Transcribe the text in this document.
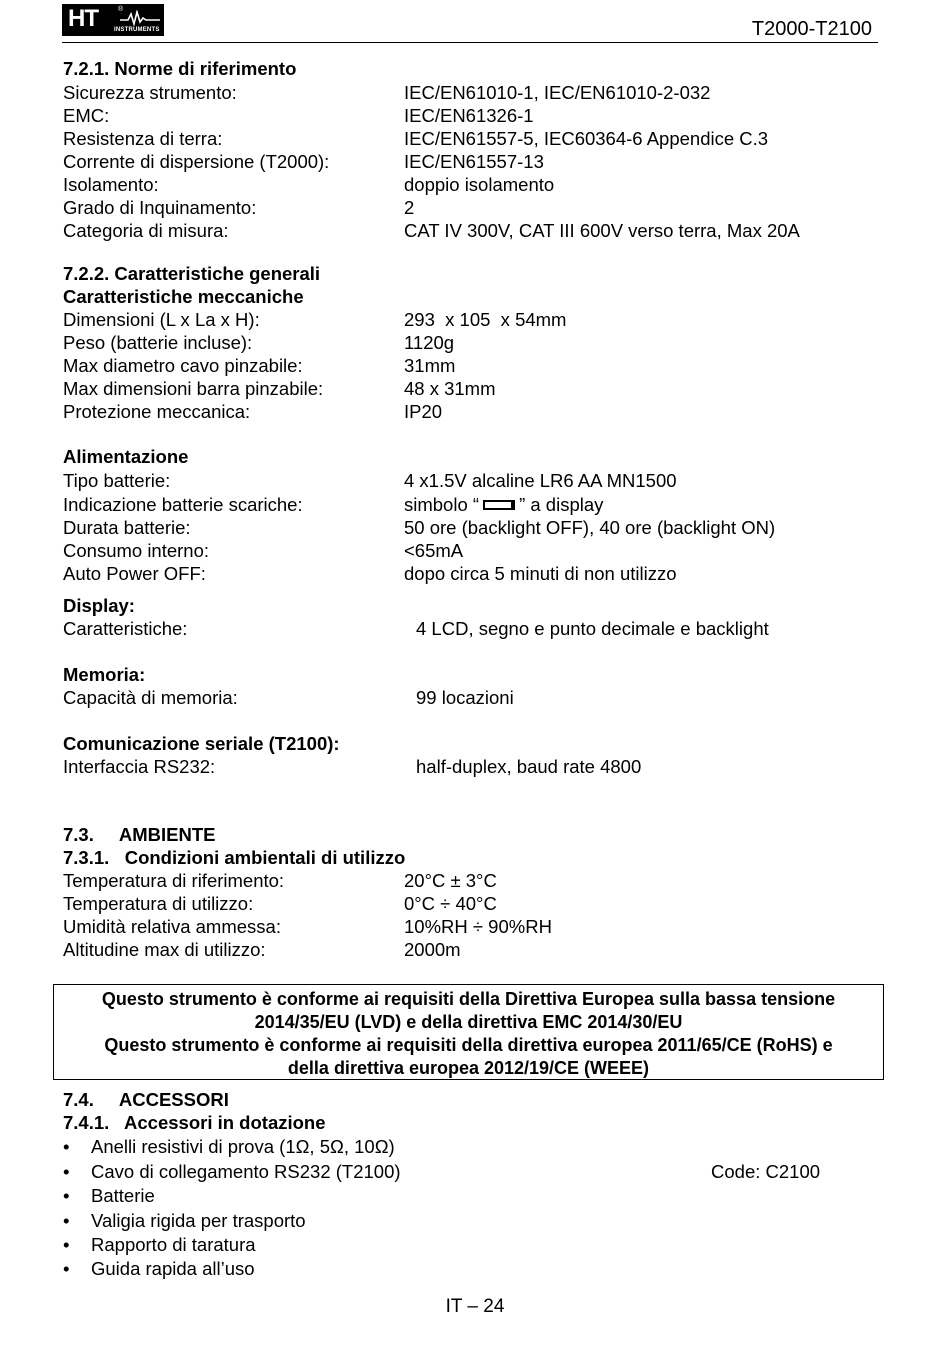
HT	®
INSTRUMENTS	T2000-T2100
7.2.1. Norme di riferimento
Sicurezza strumento:	IEC/EN61010-1, IEC/EN61010-2-032
EMC:	IEC/EN61326-1
Resistenza di terra:	IEC/EN61557-5, IEC60364-6 Appendice C.3
Corrente di dispersione (T2000):	IEC/EN61557-13
Isolamento:	doppio isolamento
Grado di Inquinamento:	2
Categoria di misura:	CAT IV 300V, CAT III 600V verso terra, Max 20A
7.2.2. Caratteristiche generali
Caratteristiche meccaniche
Dimensioni (L x La x H):	293  x 105  x 54mm
Peso (batterie incluse):	1120g
Max diametro cavo pinzabile:	31mm
Max dimensioni barra pinzabile:	48 x 31mm
Protezione meccanica:	IP20
Alimentazione
Tipo batterie:	4 x1.5V alcaline LR6 AA MN1500
Indicazione batterie scariche:	simbolo “ ” a display
Durata batterie:	50 ore (backlight OFF), 40 ore (backlight ON)
Consumo interno:	<65mA
Auto Power OFF:	dopo circa 5 minuti di non utilizzo
Display:
Caratteristiche:	4 LCD, segno e punto decimale e backlight
Memoria:
Capacità di memoria:	99 locazioni
Comunicazione seriale (T2100):
Interfaccia RS232:	half-duplex, baud rate 4800
7.3.     AMBIENTE
7.3.1.   Condizioni ambientali di utilizzo
Temperatura di riferimento:	20°C ± 3°C
Temperatura di utilizzo:	0°C ÷ 40°C
Umidità relativa ammessa:	10%RH ÷ 90%RH
Altitudine max di utilizzo:	2000m
Questo strumento è conforme ai requisiti della Direttiva Europea sulla bassa tensione
2014/35/EU (LVD) e della direttiva EMC 2014/30/EU
Questo strumento è conforme ai requisiti della direttiva europea 2011/65/CE (RoHS) e
della direttiva europea 2012/19/CE (WEEE)
7.4.     ACCESSORI
7.4.1.   Accessori in dotazione
• Anelli resistivi di prova (1Ω, 5Ω, 10Ω)
• Cavo di collegamento RS232 (T2100)	Code: C2100
• Batterie
• Valigia rigida per trasporto
• Rapporto di taratura
• Guida rapida all’uso
IT – 24
